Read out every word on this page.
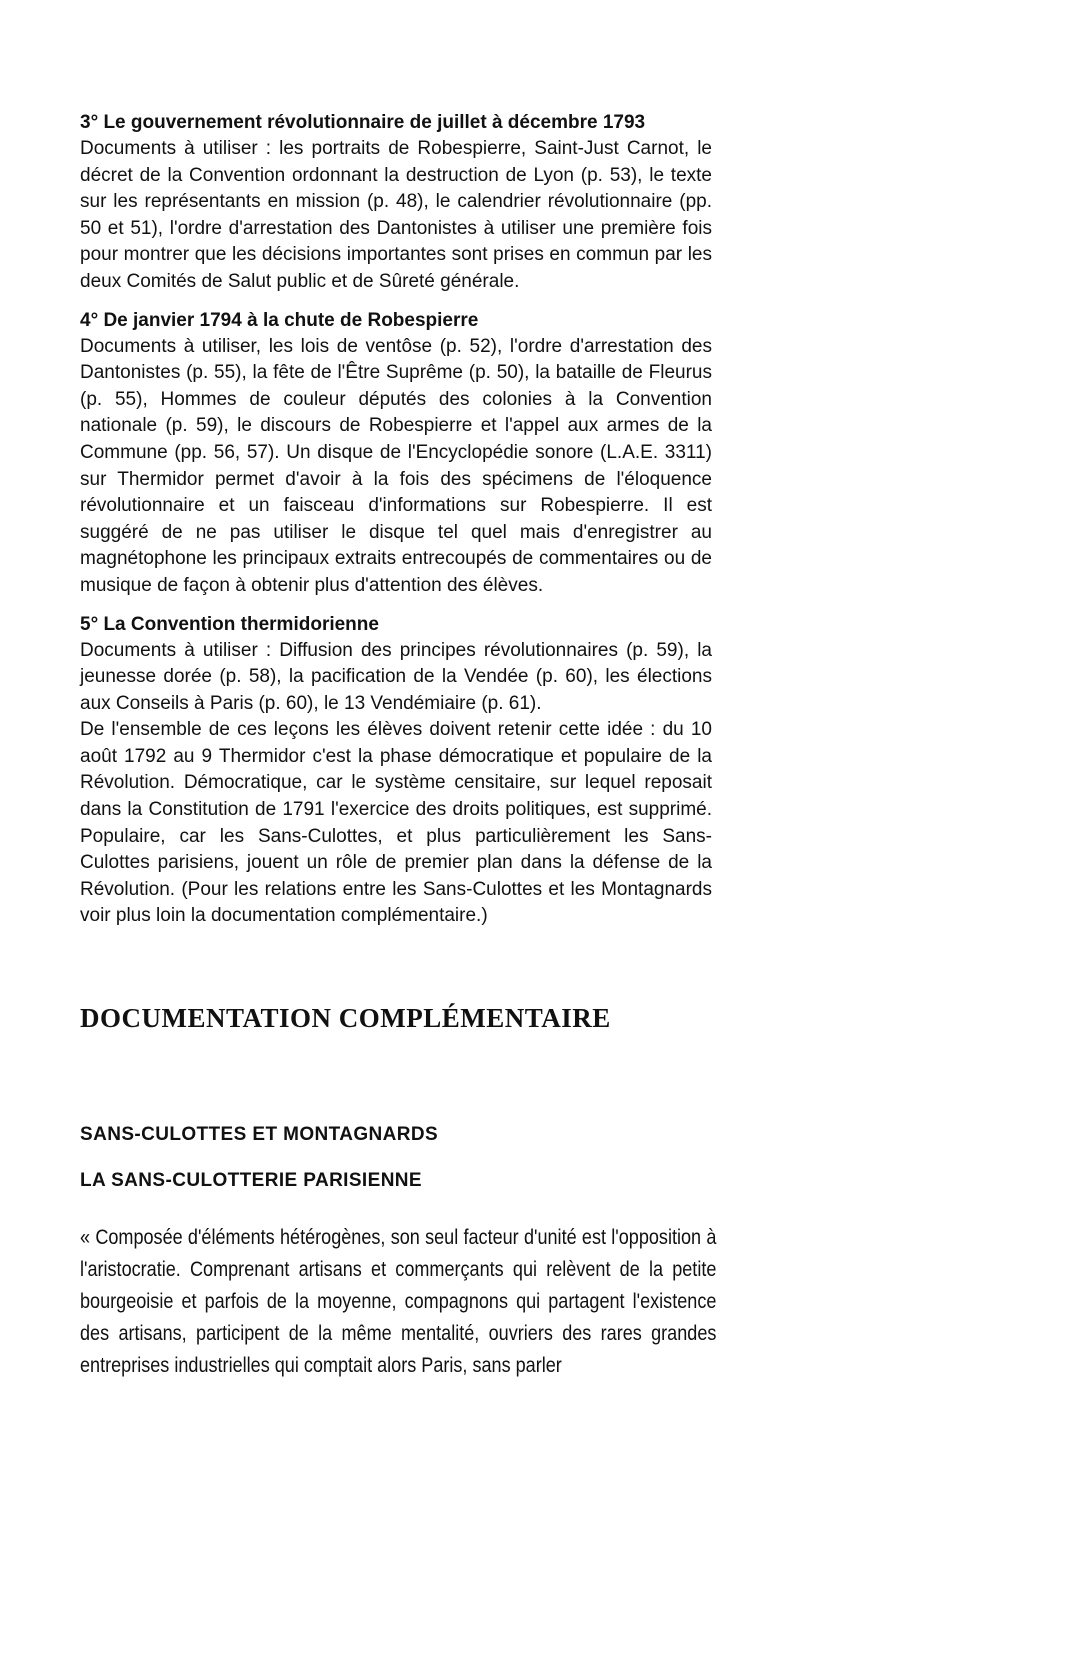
3° Le gouvernement révolutionnaire de juillet à décembre 1793

Documents à utiliser : les portraits de Robespierre, Saint-Just Carnot, le décret de la Convention ordonnant la destruction de Lyon (p. 53), le texte sur les représentants en mission (p. 48), le calendrier révolutionnaire (pp. 50 et 51), l'ordre d'arrestation des Dantonistes à utiliser une première fois pour montrer que les décisions importantes sont prises en commun par les deux Comités de Salut public et de Sûreté générale.

4° De janvier 1794 à la chute de Robespierre

Documents à utiliser, les lois de ventôse (p. 52), l'ordre d'arrestation des Dantonistes (p. 55), la fête de l'Être Suprême (p. 50), la bataille de Fleurus (p. 55), Hommes de couleur députés des colonies à la Convention nationale (p. 59), le discours de Robespierre et l'appel aux armes de la Commune (pp. 56, 57). Un disque de l'Encyclopédie sonore (L.A.E. 3311) sur Thermidor permet d'avoir à la fois des spécimens de l'éloquence révolutionnaire et un faisceau d'informations sur Robespierre. Il est suggéré de ne pas utiliser le disque tel quel mais d'enregistrer au magnétophone les principaux extraits entrecoupés de commentaires ou de musique de façon à obtenir plus d'attention des élèves.

5° La Convention thermidorienne

Documents à utiliser : Diffusion des principes révolutionnaires (p. 59), la jeunesse dorée (p. 58), la pacification de la Vendée (p. 60), les élections aux Conseils à Paris (p. 60), le 13 Vendémiaire (p. 61).

De l'ensemble de ces leçons les élèves doivent retenir cette idée : du 10 août 1792 au 9 Thermidor c'est la phase démocratique et populaire de la Révolution. Démocratique, car le système censitaire, sur lequel reposait dans la Constitution de 1791 l'exercice des droits politiques, est supprimé. Populaire, car les Sans-Culottes, et plus particulièrement les Sans-Culottes parisiens, jouent un rôle de premier plan dans la défense de la Révolution. (Pour les relations entre les Sans-Culottes et les Montagnards voir plus loin la documentation complémentaire.)

DOCUMENTATION COMPLÉMENTAIRE
SANS-CULOTTES ET MONTAGNARDS
LA SANS-CULOTTERIE PARISIENNE

« Composée d'éléments hétérogènes, son seul facteur d'unité est l'opposition à l'aristocratie. Comprenant artisans et commerçants qui relèvent de la petite bourgeoisie et parfois de la moyenne, compagnons qui partagent l'existence des artisans, participent de la même mentalité, ouvriers des rares grandes entreprises industrielles qui comptait alors Paris, sans parler
